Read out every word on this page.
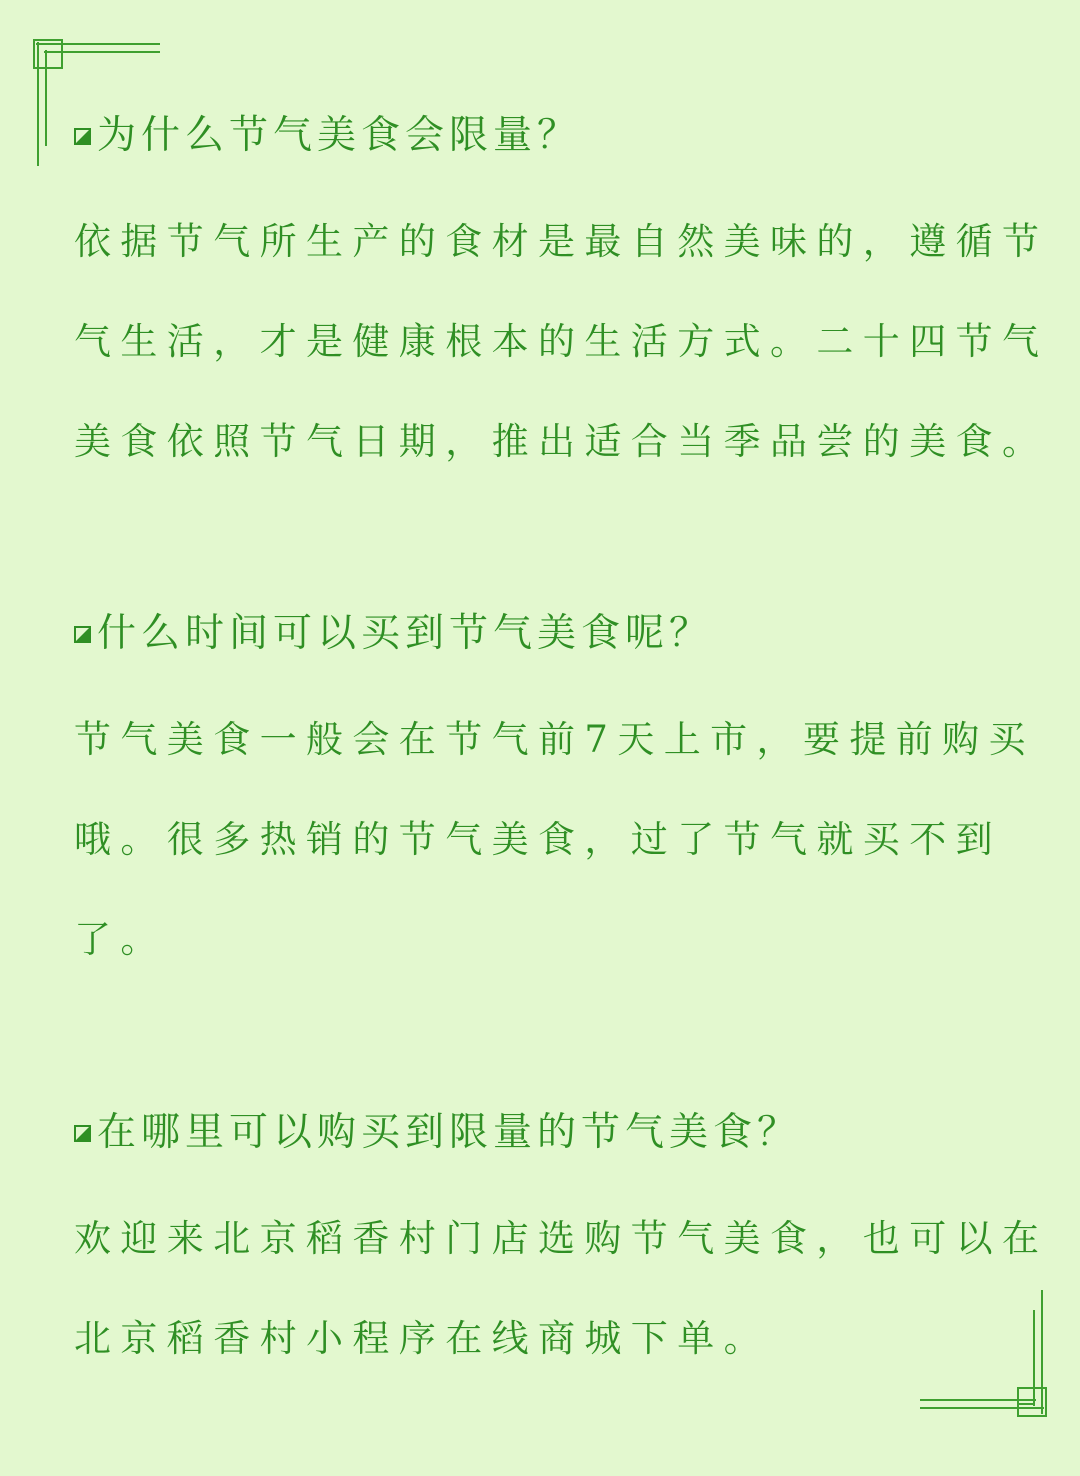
为什么节气美食会限量？
依据节气所生产的食材是最自然美味的，遵循节
气生活，才是健康根本的生活方式。二十四节气
美食依照节气日期，推出适合当季品尝的美食。
什么时间可以买到节气美食呢？
节气美食一般会在节气前7天上市，要提前购买
哦。很多热销的节气美食，过了节气就买不到
了。
在哪里可以购买到限量的节气美食？
欢迎来北京稻香村门店选购节气美食，也可以在
北京稻香村小程序在线商城下单。
